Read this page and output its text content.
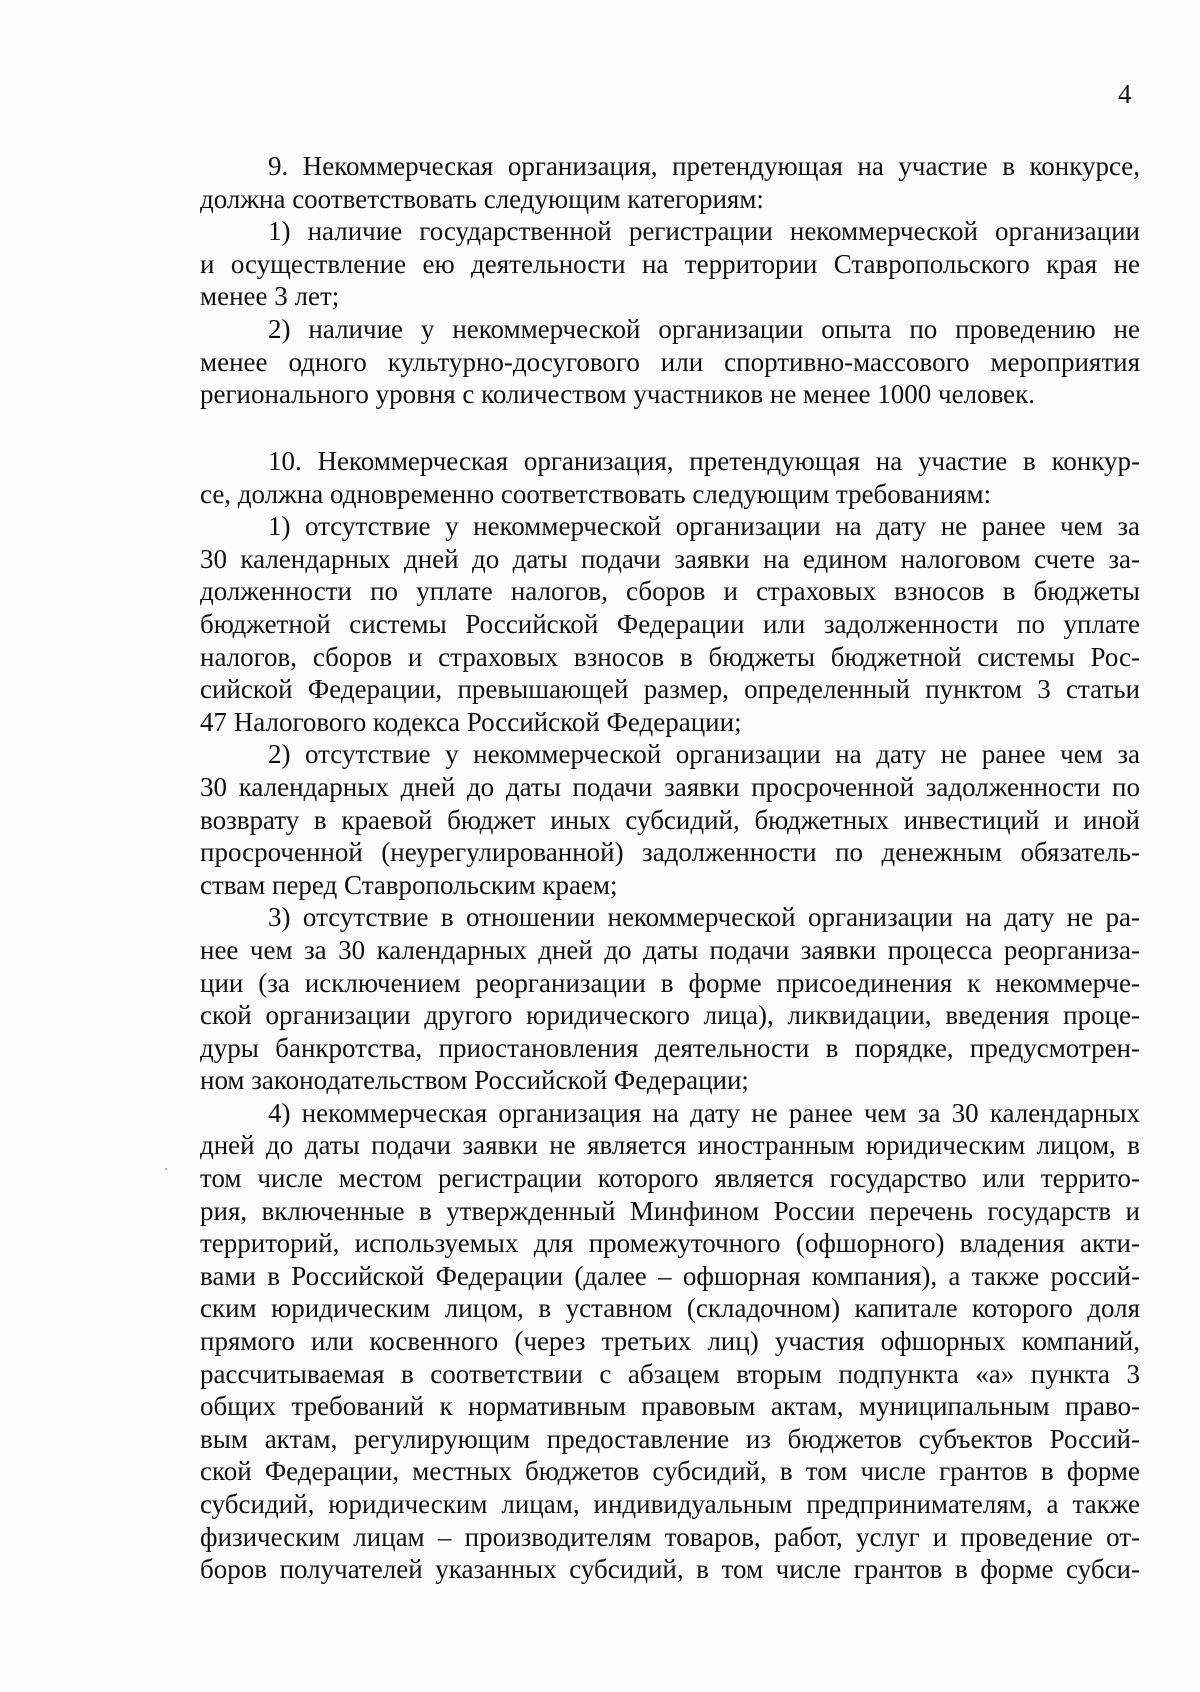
4
9. Некоммерческая организация, претендующая на участие в конкурсе,
должна соответствовать следующим категориям:
1) наличие государственной регистрации некоммерческой организации
и осуществление ею деятельности на территории Ставропольского края не
менее 3 лет;
2) наличие у некоммерческой организации опыта по проведению не
менее одного культурно-досугового или спортивно-массового мероприятия
регионального уровня с количеством участников не менее 1000 человек.
10. Некоммерческая организация, претендующая на участие в конкур-
се, должна одновременно соответствовать следующим требованиям:
1) отсутствие у некоммерческой организации на дату не ранее чем за
30 календарных дней до даты подачи заявки на едином налоговом счете за-
долженности по уплате налогов, сборов и страховых взносов в бюджеты
бюджетной системы Российской Федерации или задолженности по уплате
налогов, сборов и страховых взносов в бюджеты бюджетной системы Рос-
сийской Федерации, превышающей размер, определенный пунктом 3 статьи
47 Налогового кодекса Российской Федерации;
2) отсутствие у некоммерческой организации на дату не ранее чем за
30 календарных дней до даты подачи заявки просроченной задолженности по
возврату в краевой бюджет иных субсидий, бюджетных инвестиций и иной
просроченной (неурегулированной) задолженности по денежным обязатель-
ствам перед Ставропольским краем;
3) отсутствие в отношении некоммерческой организации на дату не ра-
нее чем за 30 календарных дней до даты подачи заявки процесса реорганиза-
ции (за исключением реорганизации в форме присоединения к некоммерче-
ской организации другого юридического лица), ликвидации, введения проце-
дуры банкротства, приостановления деятельности в порядке, предусмотрен-
ном законодательством Российской Федерации;
4) некоммерческая организация на дату не ранее чем за 30 календарных
дней до даты подачи заявки не является иностранным юридическим лицом, в
том числе местом регистрации которого является государство или террито-
рия, включенные в утвержденный Минфином России перечень государств и
территорий, используемых для промежуточного (офшорного) владения акти-
вами в Российской Федерации (далее – офшорная компания), а также россий-
ским юридическим лицом, в уставном (складочном) капитале которого доля
прямого или косвенного (через третьих лиц) участия офшорных компаний,
рассчитываемая в соответствии с абзацем вторым подпункта «а» пункта 3
общих требований к нормативным правовым актам, муниципальным право-
вым актам, регулирующим предоставление из бюджетов субъектов Россий-
ской Федерации, местных бюджетов субсидий, в том числе грантов в форме
субсидий, юридическим лицам, индивидуальным предпринимателям, а также
физическим лицам – производителям товаров, работ, услуг и проведение от-
боров получателей указанных субсидий, в том числе грантов в форме субси-
